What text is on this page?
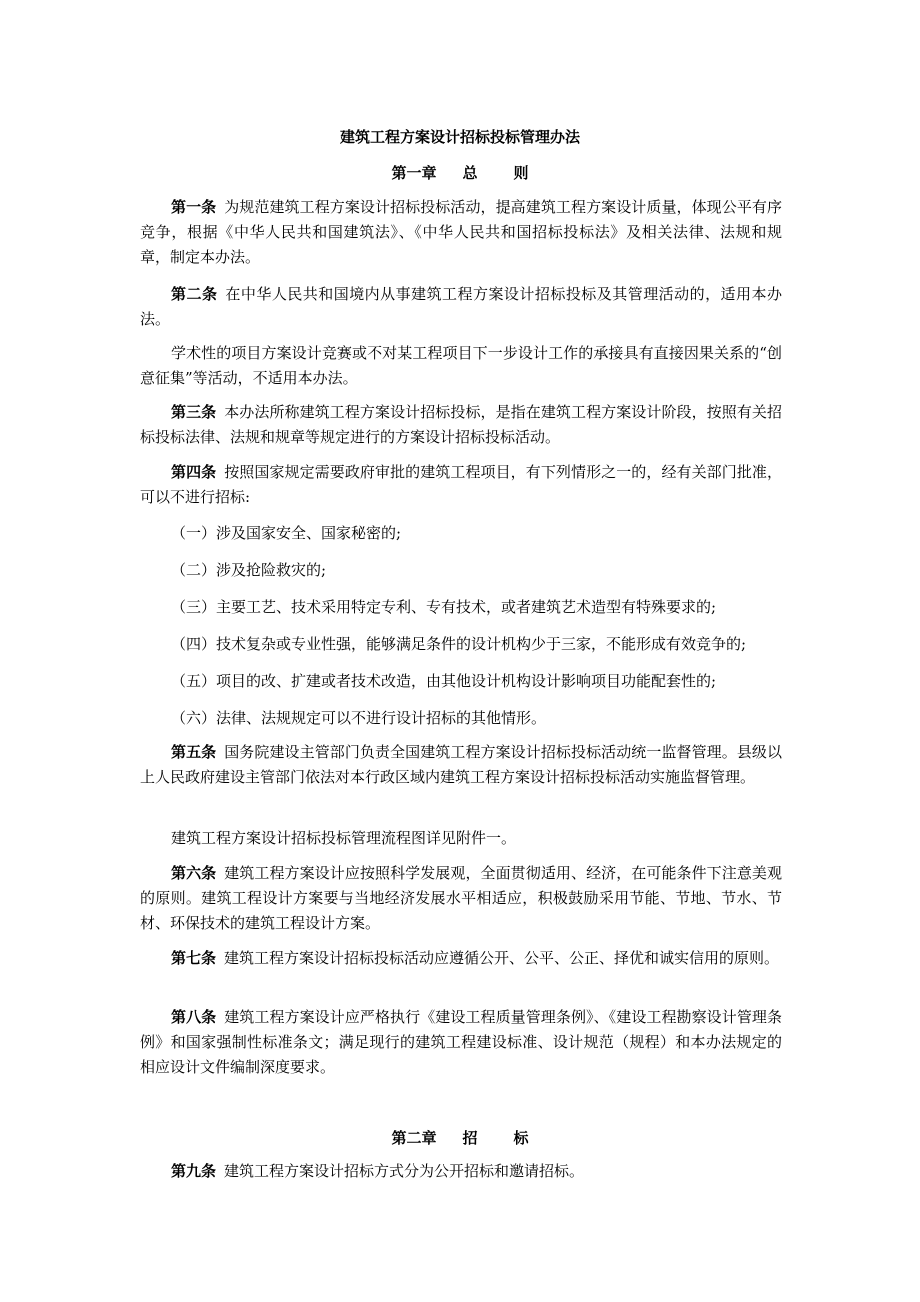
建筑工程方案设计招标投标管理办法
第一章 总 则
第一条 为规范建筑工程方案设计招标投标活动，提高建筑工程方案设计质量，体现公平有序竞争，根据《中华人民共和国建筑法》、《中华人民共和国招标投标法》及相关法律、法规和规章，制定本办法。
第二条 在中华人民共和国境内从事建筑工程方案设计招标投标及其管理活动的，适用本办法。
学术性的项目方案设计竞赛或不对某工程项目下一步设计工作的承接具有直接因果关系的“创意征集”等活动，不适用本办法。
第三条 本办法所称建筑工程方案设计招标投标，是指在建筑工程方案设计阶段，按照有关招标投标法律、法规和规章等规定进行的方案设计招标投标活动。
第四条 按照国家规定需要政府审批的建筑工程项目，有下列情形之一的，经有关部门批准，可以不进行招标:
（一）涉及国家安全、国家秘密的;
（二）涉及抢险救灾的;
（三）主要工艺、技术采用特定专利、专有技术，或者建筑艺术造型有特殊要求的;
（四）技术复杂或专业性强，能够满足条件的设计机构少于三家，不能形成有效竞争的;
（五）项目的改、扩建或者技术改造，由其他设计机构设计影响项目功能配套性的;
（六）法律、法规规定可以不进行设计招标的其他情形。
第五条 国务院建设主管部门负责全国建筑工程方案设计招标投标活动统一监督管理。县级以上人民政府建设主管部门依法对本行政区域内建筑工程方案设计招标投标活动实施监督管理。
建筑工程方案设计招标投标管理流程图详见附件一。
第六条 建筑工程方案设计应按照科学发展观，全面贯彻适用、经济，在可能条件下注意美观的原则。建筑工程设计方案要与当地经济发展水平相适应，积极鼓励采用节能、节地、节水、节材、环保技术的建筑工程设计方案。
第七条 建筑工程方案设计招标投标活动应遵循公开、公平、公正、择优和诚实信用的原则。
第八条 建筑工程方案设计应严格执行《建设工程质量管理条例》、《建设工程勘察设计管理条例》和国家强制性标准条文；满足现行的建筑工程建设标准、设计规范（规程）和本办法规定的相应设计文件编制深度要求。
第二章 招 标
第九条 建筑工程方案设计招标方式分为公开招标和邀请招标。
